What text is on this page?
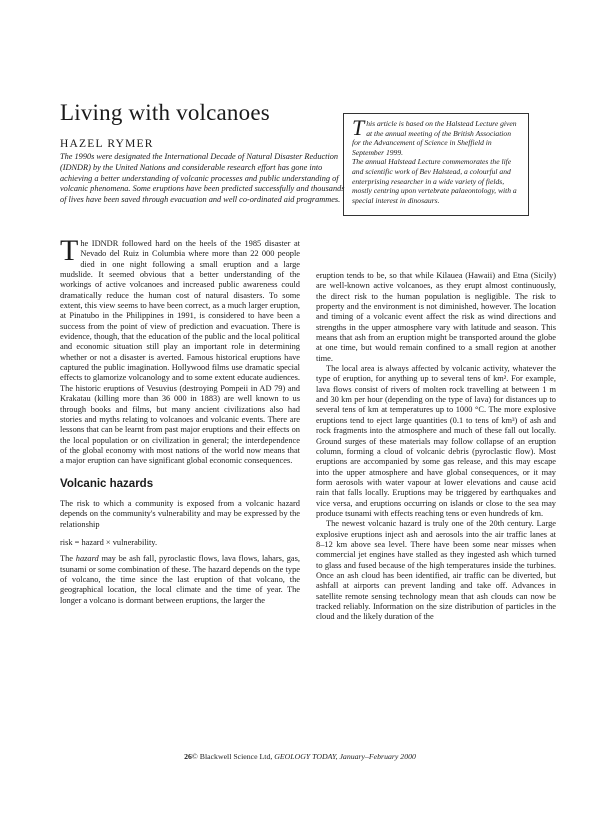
Living with volcanoes
HAZEL RYMER

The 1990s were designated the International Decade of Natural Disaster Reduction (IDNDR) by the United Nations and considerable research effort has gone into achieving a better understanding of volcanic processes and public understanding of volcanic phenomena. Some eruptions have been predicted successfully and thousands of lives have been saved through evacuation and well co-ordinated aid programmes.

T his article is based on the Halstead Lecture given at the annual meeting of the British Association for the Advancement of Science in Sheffield in September 1999.

The annual Halstead Lecture commemorates the life and scientific work of Bev Halstead, a colourful and enterprising researcher in a wide variety of fields, mostly centring upon vertebrate palaeontology, with a special interest in dinosaurs.

The IDNDR followed hard on the heels of the 1985 disaster at Nevado del Ruiz in Columbia where more than 22 000 people died in one night following a small eruption and a large mudslide. It seemed obvious that a better understanding of the workings of active volcanoes and increased public awareness could dramatically reduce the human cost of natural disasters. To some extent, this view seems to have been correct, as a much larger eruption, at Pinatubo in the Philippines in 1991, is considered to have been a success from the point of view of prediction and evacuation. There is evidence, though, that the education of the public and the local political and economic situation still play an important role in determining whether or not a disaster is averted. Famous historical eruptions have captured the public imagination. Hollywood films use dramatic special effects to glamorize volcanology and to some extent educate audiences. The historic eruptions of Vesuvius (destroying Pompeii in AD 79) and Krakatau (killing more than 36 000 in 1883) are well known to us through books and films, but many ancient civilizations also had stories and myths relating to volcanoes and volcanic events. There are lessons that can be learnt from past major eruptions and their effects on the local population or on civilization in general; the interdependence of the global economy with most nations of the world now means that a major eruption can have significant global economic consequences.

Volcanic hazards

The risk to which a community is exposed from a volcanic hazard depends on the community's vulnerability and may be expressed by the relationship

risk = hazard × vulnerability.

The hazard may be ash fall, pyroclastic flows, lava flows, lahars, gas, tsunami or some combination of these. The hazard depends on the type of volcano, the time since the last eruption of that volcano, the geographical location, the local climate and the time of year. The longer a volcano is dormant between eruptions, the larger the

eruption tends to be, so that while Kilauea (Hawaii) and Etna (Sicily) are well-known active volcanoes, as they erupt almost continuously, the direct risk to the human population is negligible. The risk to property and the environment is not diminished, however. The location and timing of a volcanic event affect the risk as wind directions and strengths in the upper atmosphere vary with latitude and season. This means that ash from an eruption might be transported around the globe at one time, but would remain confined to a small region at another time.

The local area is always affected by volcanic activity, whatever the type of eruption, for anything up to several tens of km². For example, lava flows consist of rivers of molten rock travelling at between 1 m and 30 km per hour (depending on the type of lava) for distances up to several tens of km at temperatures up to 1000 °C. The more explosive eruptions tend to eject large quantities (0.1 to tens of km³) of ash and rock fragments into the atmosphere and much of these fall out locally. Ground surges of these materials may follow collapse of an eruption column, forming a cloud of volcanic debris (pyroclastic flow). Most eruptions are accompanied by some gas release, and this may escape into the upper atmosphere and have global consequences, or it may form aerosols with water vapour at lower elevations and cause acid rain that falls locally. Eruptions may be triggered by earthquakes and vice versa, and eruptions occurring on islands or close to the sea may produce tsunami with effects reaching tens or even hundreds of km.

The newest volcanic hazard is truly one of the 20th century. Large explosive eruptions inject ash and aerosols into the air traffic lanes at 8–12 km above sea level. There have been some near misses when commercial jet engines have stalled as they ingested ash which turned to glass and fused because of the high temperatures inside the turbines. Once an ash cloud has been identified, air traffic can be diverted, but ashfall at airports can prevent landing and take off. Advances in satellite remote sensing technology mean that ash clouds can now be tracked reliably. Information on the size distribution of particles in the cloud and the likely duration of the

26© Blackwell Science Ltd, GEOLOGY TODAY, January–February 2000
